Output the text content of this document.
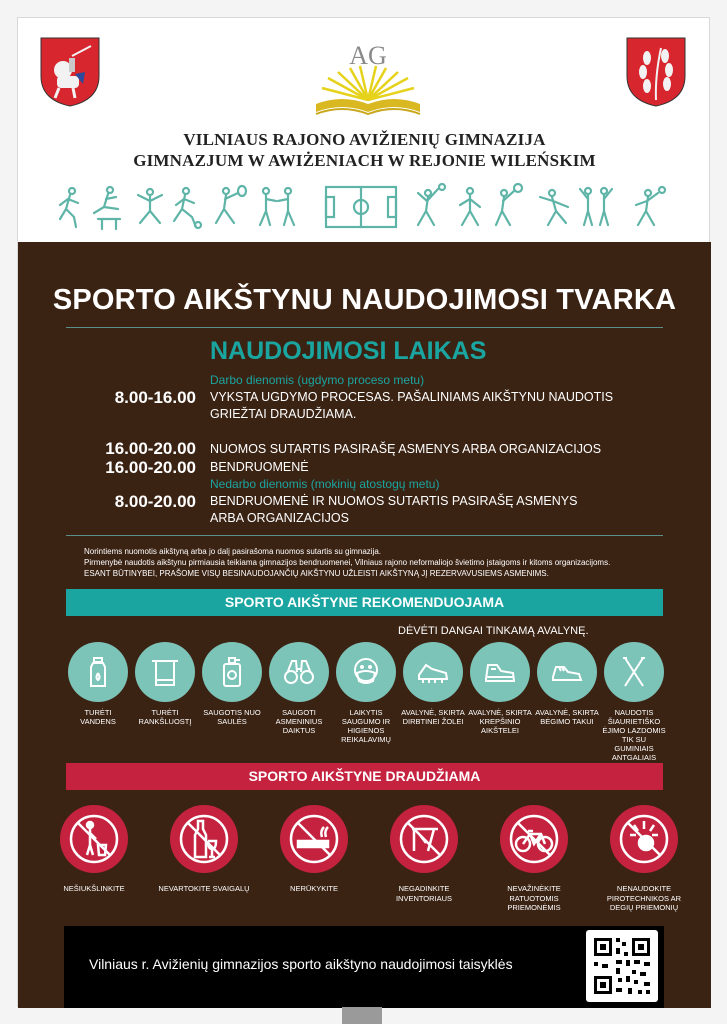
AG
VILNIAUS RAJONO AVIŽIENIŲ GIMNAZIJA
GIMNAZJUM W AWIŻENIACH W REJONIE WILEŃSKIM
SPORTO AIKŠTYNU NAUDOJIMOSI TVARKA
NAUDOJIMOSI LAIKAS
Darbo dienomis (ugdymo proceso metu)
8.00-16.00 VYKSTA UGDYMO PROCESAS. PAŠALINIAMS AIKŠTYNU NAUDOTIS GRIEŽTAI DRAUDŽIAMA.
16.00-20.00 NUOMOS SUTARTIS PASIRAŠĘ ASMENYS ARBA ORGANIZACIJOS
16.00-20.00 BENDRUOMENĖ
Nedarbo dienomis (mokinių atostogų metu)
8.00-20.00 BENDRUOMENĖ IR NUOMOS SUTARTIS PASIRAŠĘ ASMENYS ARBA ORGANIZACIJOS
Norintiems nuomotis aikštyną arba jo dalį pasirašoma nuomos sutartis su gimnazija.
Pirmenybė naudotis aikštynu pirmiausia teikiama gimnazijos bendruomenei, Vilniaus rajono neformaliojo švietimo įstaigoms ir kitoms organizacijoms.
ESANT BŪTINYBEI, PRAŠOME VISŲ BESINAUDOJANČIŲ AIKŠTYNU UŽLEISTI AIKŠTYNĄ JĮ REZERVAVUSIEMS ASMENIMS.
SPORTO AIKŠTYNE REKOMENDUOJAMA
DĖVĖTI DANGAI TINKAMĄ AVALYNĘ.
TURĖTI VANDENS
TURĖTI RANKŠLUOSTĮ
SAUGOTIS NUO SAULĖS
SAUGOTI ASMENINIUS DAIKTUS
LAIKYTIS SAUGUMO IR HIGIENOS REIKALAVIMŲ
AVALYNĖ, SKIRTA DIRBTINEI ŽOLEI
AVALYNĖ, SKIRTA KREPŠINIO AIKŠTELEI
AVALYNĖ, SKIRTA BĖGIMO TAKUI
NAUDOTIS ŠIAURIETIŠKO ĖJIMO LAZDOMIS TIK SU GUMINIAIS ANTGALIAIS
SPORTO AIKŠTYNE DRAUDŽIAMA
NEŠIUKŠLINKITE	NEVARTOKITE SVAIGALŲ	NERŪKYKITE	NEGADINKITE INVENTORIAUS
NEVAŽINĖKITE RATUOTOMIS PRIEMONĖMIS
NENAUDOKITE PIROTECHNIKOS AR DEGIŲ PRIEMONIŲ
Vilniaus r. Avižienių gimnazijos sporto aikštyno naudojimosi taisyklės
